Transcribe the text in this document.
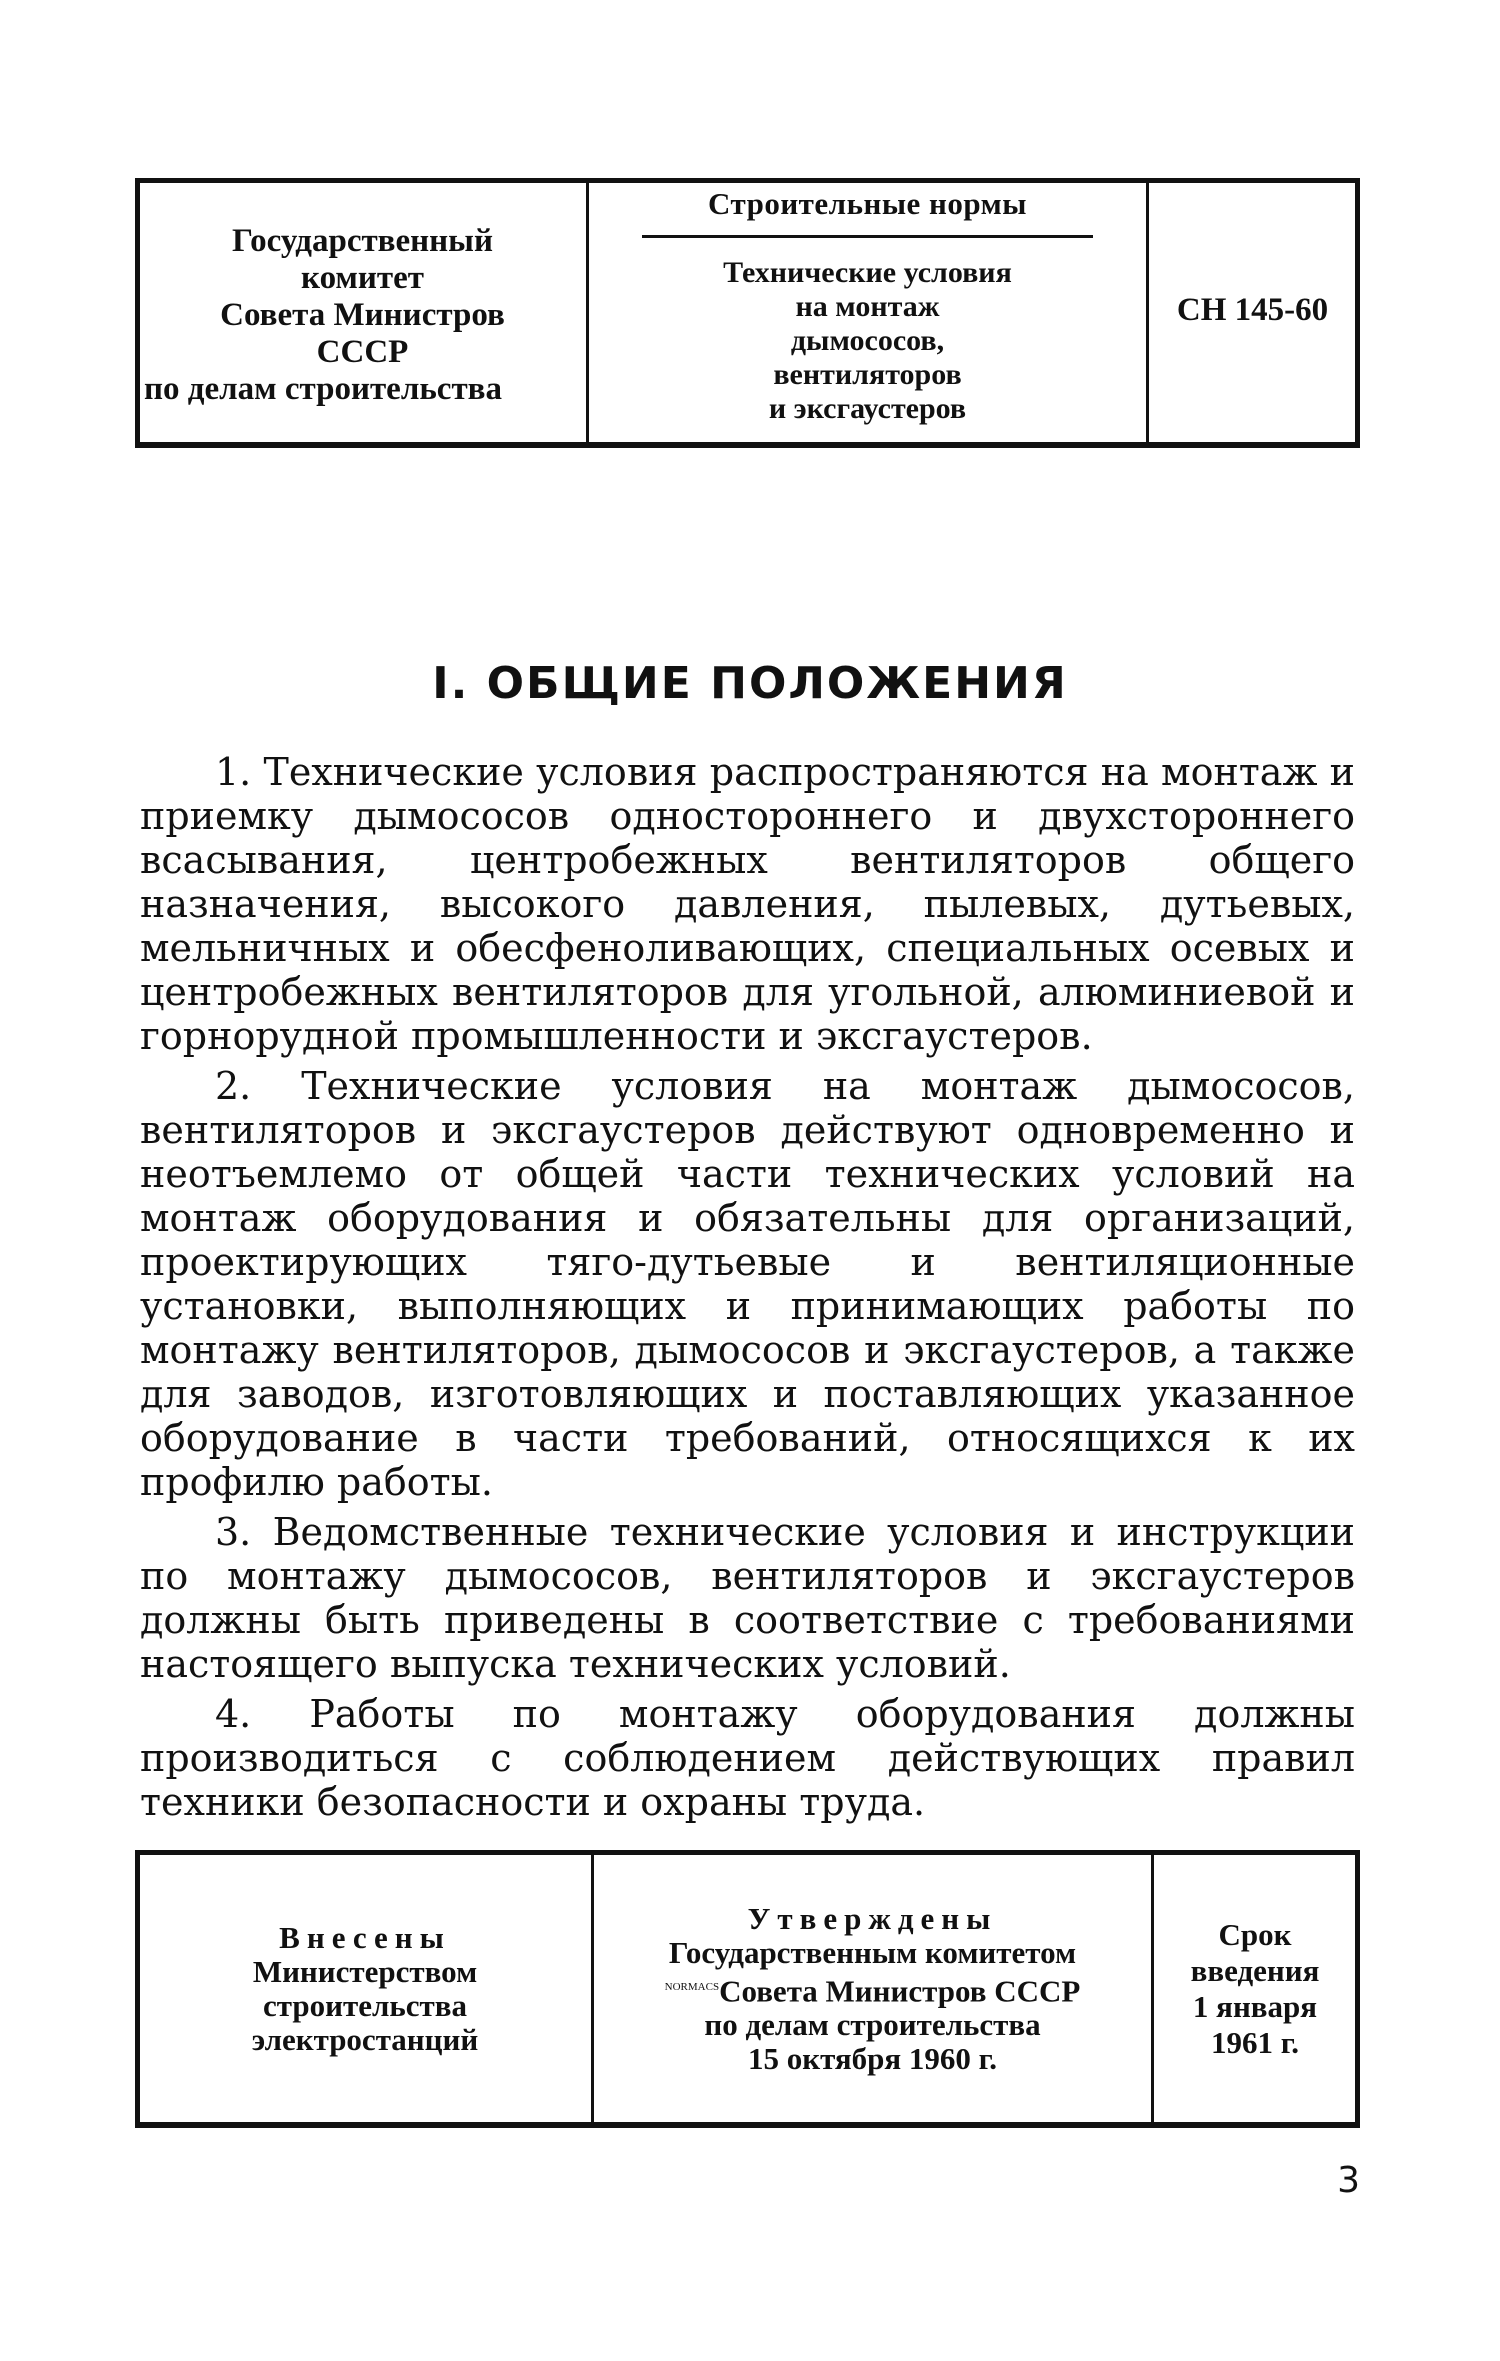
Государственный
комитет
Совета Министров
СССР
по делам строительства
Строительные нормы
Технические условия
на монтаж
дымососов,
вентиляторов
и эксгаустеров
СН 145-60
I. ОБЩИЕ ПОЛОЖЕНИЯ

1. Технические условия распространяются на монтаж и приемку дымососов одностороннего и двухстороннего всасывания, центробежных вентиляторов общего назначения, высокого давления, пылевых, дутьевых, мельничных и обесфеноливающих, специальных осевых и центробежных вентиляторов для угольной, алюминиевой и горнорудной промышленности и эксгаустеров.

2. Технические условия на монтаж дымососов, вентиляторов и эксгаустеров действуют одновременно и неотъемлемо от общей части технических условий на монтаж оборудования и обязательны для организаций, проектирующих тяго-дутьевые и вентиляционные установки, выполняющих и принимающих работы по монтажу вентиляторов, дымососов и эксгаустеров, а также для заводов, изготовляющих и поставляющих указанное оборудование в части требований, относящихся к их профилю работы.

3. Ведомственные технические условия и инструкции по монтажу дымососов, вентиляторов и эксгаустеров должны быть приведены в соответствие с требованиями настоящего выпуска технических условий.

4. Работы по монтажу оборудования должны производиться с соблюдением действующих правил техники безопасности и охраны труда.

Внесены
Министерством
строительства
электростанций
Утверждены
Государственным комитетом
$^{NORMACS}$Совета Министров СССР
по делам строительства
15 октября 1960 г.
Срок
введения
1 января
1961 г.
3
